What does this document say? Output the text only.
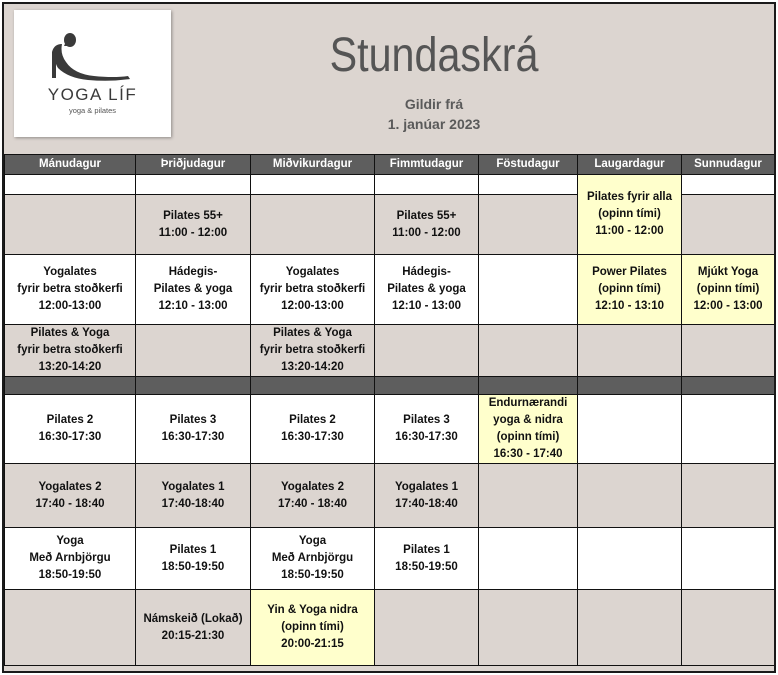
YOGA LÍF
yoga & pilates
Stundaskrá
Gildir frá
1. janúar 2023
Mánudagur	Þriðjudagur	Miðvikurdagur	Fimmtudagur	Föstudagur	Laugardagur	Sunnudagur

					Pilates fyrir alla
(opinn tími)
11:00 - 12:00	

	Pilates 55+
11:00 - 12:00		Pilates 55+
11:00 - 12:00			

Yogalates
fyrir betra stoðkerfi
12:00-13:00	Hádegis-
Pilates & yoga
12:10 - 13:00	Yogalates
fyrir betra stoðkerfi
12:00-13:00	Hádegis-
Pilates & yoga
12:10 - 13:00		Power Pilates
(opinn tími)
12:10 - 13:10	Mjúkt Yoga
(opinn tími)
12:00 - 13:00

Pilates & Yoga
fyrir betra stoðkerfi
13:20-14:20		Pilates & Yoga
fyrir betra stoðkerfi
13:20-14:20				

Pilates 2
16:30-17:30	Pilates 3
16:30-17:30	Pilates 2
16:30-17:30	Pilates 3
16:30-17:30	Endurnærandi
yoga & nidra
(opinn tími)
16:30 - 17:40		

Yogalates 2
17:40 - 18:40	Yogalates 1
17:40-18:40	Yogalates 2
17:40 - 18:40	Yogalates 1
17:40-18:40			

Yoga
Með Arnbjörgu
18:50-19:50	Pilates 1
18:50-19:50	Yoga
Með Arnbjörgu
18:50-19:50	Pilates 1
18:50-19:50			

	Námskeið (Lokað)
20:15-21:30	Yin & Yoga nidra
(opinn tími)
20:00-21:15				
